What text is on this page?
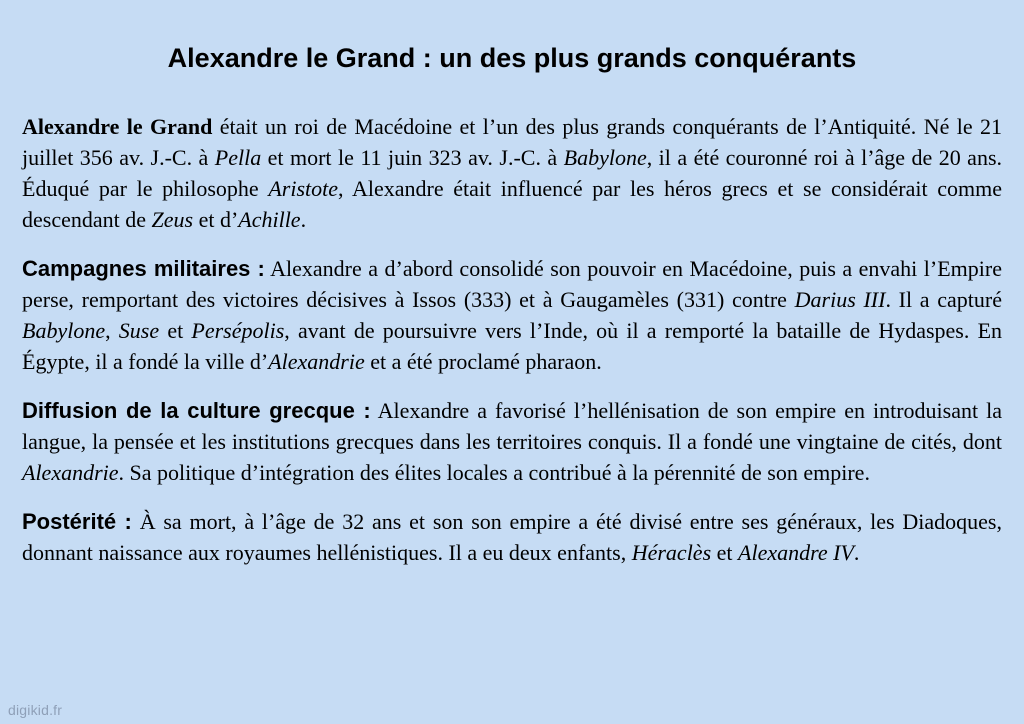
Alexandre le Grand : un des plus grands conquérants

Alexandre le Grand était un roi de Macédoine et l’un des plus grands conquérants de l’Antiquité. Né le 21 juillet 356 av. J.-C. à Pella et mort le 11 juin 323 av. J.-C. à Babylone, il a été couronné roi à l’âge de 20 ans. Éduqué par le philosophe Aristote, Alexandre était influencé par les héros grecs et se considérait comme descendant de Zeus et d’Achille.

Campagnes militaires : Alexandre a d’abord consolidé son pouvoir en Macédoine, puis a envahi l’Empire perse, remportant des victoires décisives à Issos (333) et à Gaugamèles (331) contre Darius III. Il a capturé Babylone, Suse et Persépolis, avant de poursuivre vers l’Inde, où il a remporté la bataille de Hydaspes. En Égypte, il a fondé la ville d’Alexandrie et a été proclamé pharaon.

Diffusion de la culture grecque : Alexandre a favorisé l’hellénisation de son empire en introduisant la langue, la pensée et les institutions grecques dans les territoires conquis. Il a fondé une vingtaine de cités, dont Alexandrie. Sa politique d’intégration des élites locales a contribué à la pérennité de son empire.

Postérité : À sa mort, à l’âge de 32 ans et son son empire a été divisé entre ses généraux, les Diadoques, donnant naissance aux royaumes hellénistiques. Il a eu deux enfants, Héraclès et Alexandre IV.

digikid.fr
